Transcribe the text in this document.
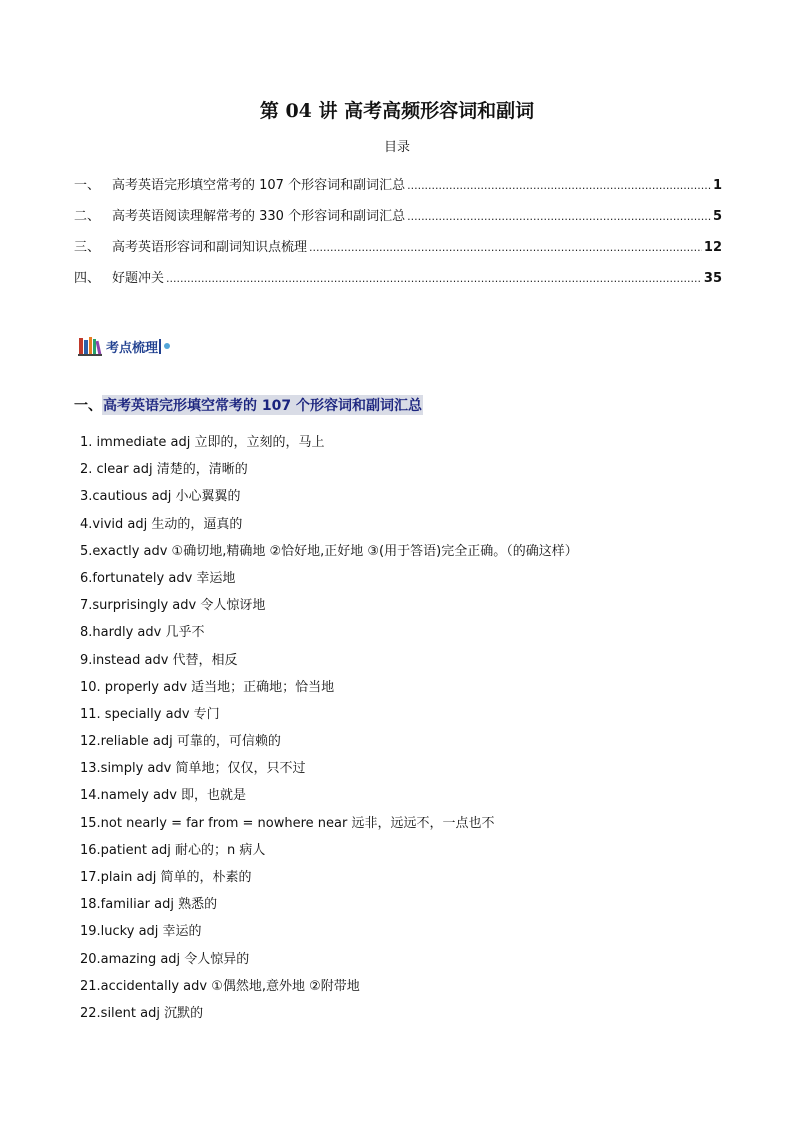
第 04 讲 高考高频形容词和副词
目录
一、 高考英语完形填空常考的 107 个形容词和副词汇总 .....	1
二、 高考英语阅读理解常考的 330 个形容词和副词汇总 .....	5
三、 高考英语形容词和副词知识点梳理 .....	12
四、 好题冲关 .....	35
考点梳理
一、 高考英语完形填空常考的 107 个形容词和副词汇总
1. immediate adj 立即的，立刻的，马上
2. clear adj 清楚的，清晰的
3.cautious adj 小心翼翼的
4.vivid adj 生动的，逼真的
5.exactly adv ①确切地,精确地 ②恰好地,正好地 ③(用于答语)完全正确。（的确这样）
6.fortunately adv 幸运地
7.surprisingly adv 令人惊讶地
8.hardly adv 几乎不
9.instead adv 代替，相反
10. properly adv 适当地；正确地；恰当地
11. specially adv 专门
12.reliable adj 可靠的，可信赖的
13.simply adv 简单地；仅仅，只不过
14.namely adv 即，也就是
15.not nearly = far from = nowhere near 远非，远远不，一点也不
16.patient adj 耐心的；n 病人
17.plain adj 简单的，朴素的
18.familiar adj 熟悉的
19.lucky adj 幸运的
20.amazing adj 令人惊异的
21.accidentally adv ①偶然地,意外地 ②附带地
22.silent adj 沉默的
